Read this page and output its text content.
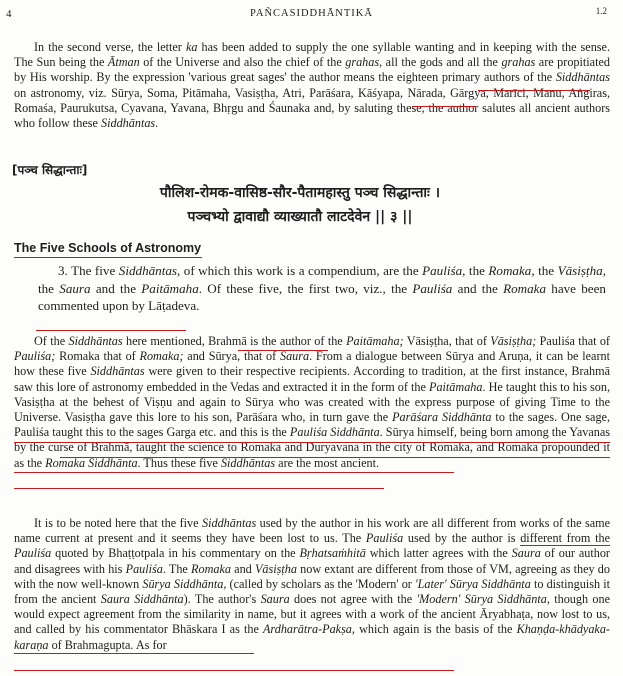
4	PAÑCASIDDHĀNTIKĀ	1.2

In the second verse, the letter ka has been added to supply the one syllable wanting and in keeping with the sense. The Sun being the Ātman of the Universe and also the chief of the grahas, all the gods and all the grahas are propitiated by His worship. By the expression 'various great sages' the author means the eighteen primary authors of the Siddhāntas on astronomy, viz. Sūrya, Soma, Pitāmaha, Vasiṣṭha, Atri, Parāśara, Kāśyapa, Nārada, Gārgya, Marīci, Manu, Aṅgiras, Romaśa, Paurukutsa, Cyavana, Yavana, Bhṛgu and Śaunaka and, by saluting these, the author salutes all ancient authors who follow these Siddhāntas.

[पञ्च सिद्धान्ताः]
पौलिश-रोमक-वासिष्ठ-सौर-पैतामहास्तु पञ्च सिद्धान्ताः ।
पञ्चभ्यो द्वावाद्यौ व्याख्यातौ लाटदेवेन || ३ ||
The Five Schools of Astronomy

3. The five Siddhāntas, of which this work is a compendium, are the Pauliśa, the Romaka, the Vāsiṣṭha, the Saura and the Paitāmaha. Of these five, the first two, viz., the Pauliśa and the Romaka have been commented upon by Lāṭadeva.

Of the Siddhāntas here mentioned, Brahmā is the author of the Paitāmaha; Vāsiṣṭha, that of Vāsiṣṭha; Pauliśa that of Pauliśa; Romaka that of Romaka; and Sūrya, that of Saura. From a dialogue between Sūrya and Aruṇa, it can be learnt how these five Siddhāntas were given to their respective recipients. According to tradition, at the first instance, Brahmā saw this lore of astronomy embedded in the Vedas and extracted it in the form of the Paitāmaha. He taught this to his son, Vasiṣṭha at the behest of Viṣṇu and again to Sūrya who was created with the express purpose of giving Time to the Universe. Vasiṣṭha gave this lore to his son, Parāśara who, in turn gave the Parāśara Siddhānta to the sages. One sage, Pauliśa taught this to the sages Garga etc. and this is the Pauliśa Siddhānta. Sūrya himself, being born among the Yavanas by the curse of Brahmā, taught the science to Romaka and Duryavana in the city of Romaka, and Romaka propounded it as the Romaka Siddhānta. Thus these five Siddhāntas are the most ancient.

It is to be noted here that the five Siddhāntas used by the author in his work are all different from works of the same name current at present and it seems they have been lost to us. The Pauliśa used by the author is different from the Pauliśa quoted by Bhaṭṭotpala in his commentary on the Bṛhatsaṁhitā which latter agrees with the Saura of our author and disagrees with his Pauliśa. The Romaka and Vāsiṣṭha now extant are different from those of VM, agreeing as they do with the now well-known Sūrya Siddhānta, (called by scholars as the 'Modern' or 'Later' Sūrya Siddhānta to distinguish it from the ancient Saura Siddhānta). The author's Saura does not agree with the 'Modern' Sūrya Siddhānta, though one would expect agreement from the similarity in name, but it agrees with a work of the ancient Āryabhaṭa, now lost to us, and called by his commentator Bhāskara I as the Ardharātra-Pakṣa, which again is the basis of the Khaṇḍa-khādyaka-karaṇa of Brahmagupta. As for
